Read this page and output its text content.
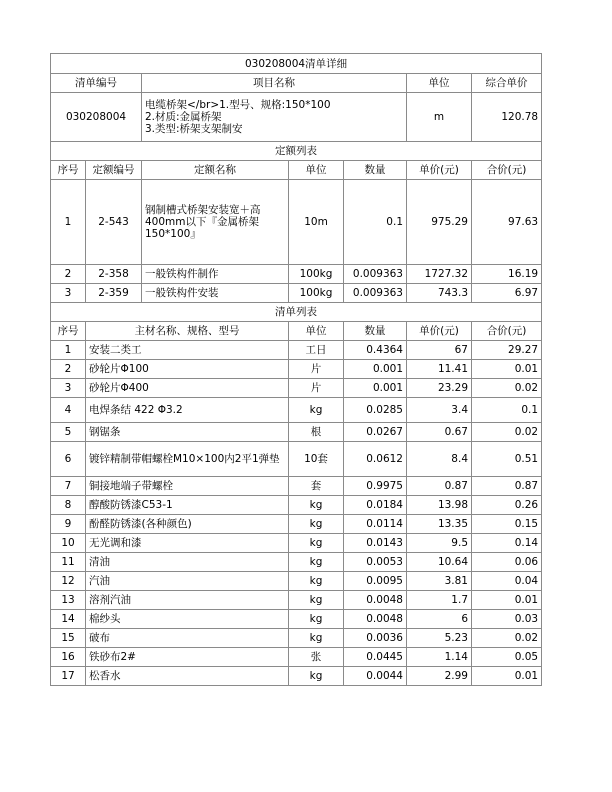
030208004清单详细						
清单编号		项目名称			单位	综合单价
030208004		电缆桥架</br>1.型号、规格:150*100
2.材质:金属桥架
3.类型:桥架支架制安			m	120.78
定额列表						
序号	定额编号	定额名称	单位	数量	单价(元)	合价(元)
1	2-543	钢制槽式桥架安装宽＋高400mm以下『金属桥架150*100』	10m	0.1	975.29	97.63
2	2-358	一般铁构件制作	100kg	0.009363	1727.32	16.19
3	2-359	一般铁构件安装	100kg	0.009363	743.3	6.97
清单列表						
序号	主材名称、规格、型号		单位	数量	单价(元)	合价(元)
1	安装二类工		工日	0.4364	67	29.27
2	砂轮片Φ100		片	0.001	11.41	0.01
3	砂轮片Φ400		片	0.001	23.29	0.02
4	电焊条结 422 Φ3.2		kg	0.0285	3.4	0.1
5	钢锯条		根	0.0267	0.67	0.02
6	镀锌精制带帽螺栓M10×100内2平1弹垫		10套	0.0612	8.4	0.51
7	铜接地端子带螺栓		套	0.9975	0.87	0.87
8	醇酸防锈漆C53-1		kg	0.0184	13.98	0.26
9	酚醛防锈漆(各种颜色)		kg	0.0114	13.35	0.15
10	无光调和漆		kg	0.0143	9.5	0.14
11	清油		kg	0.0053	10.64	0.06
12	汽油		kg	0.0095	3.81	0.04
13	溶剂汽油		kg	0.0048	1.7	0.01
14	棉纱头		kg	0.0048	6	0.03
15	破布		kg	0.0036	5.23	0.02
16	铁砂布2#		张	0.0445	1.14	0.05
17	松香水		kg	0.0044	2.99	0.01
